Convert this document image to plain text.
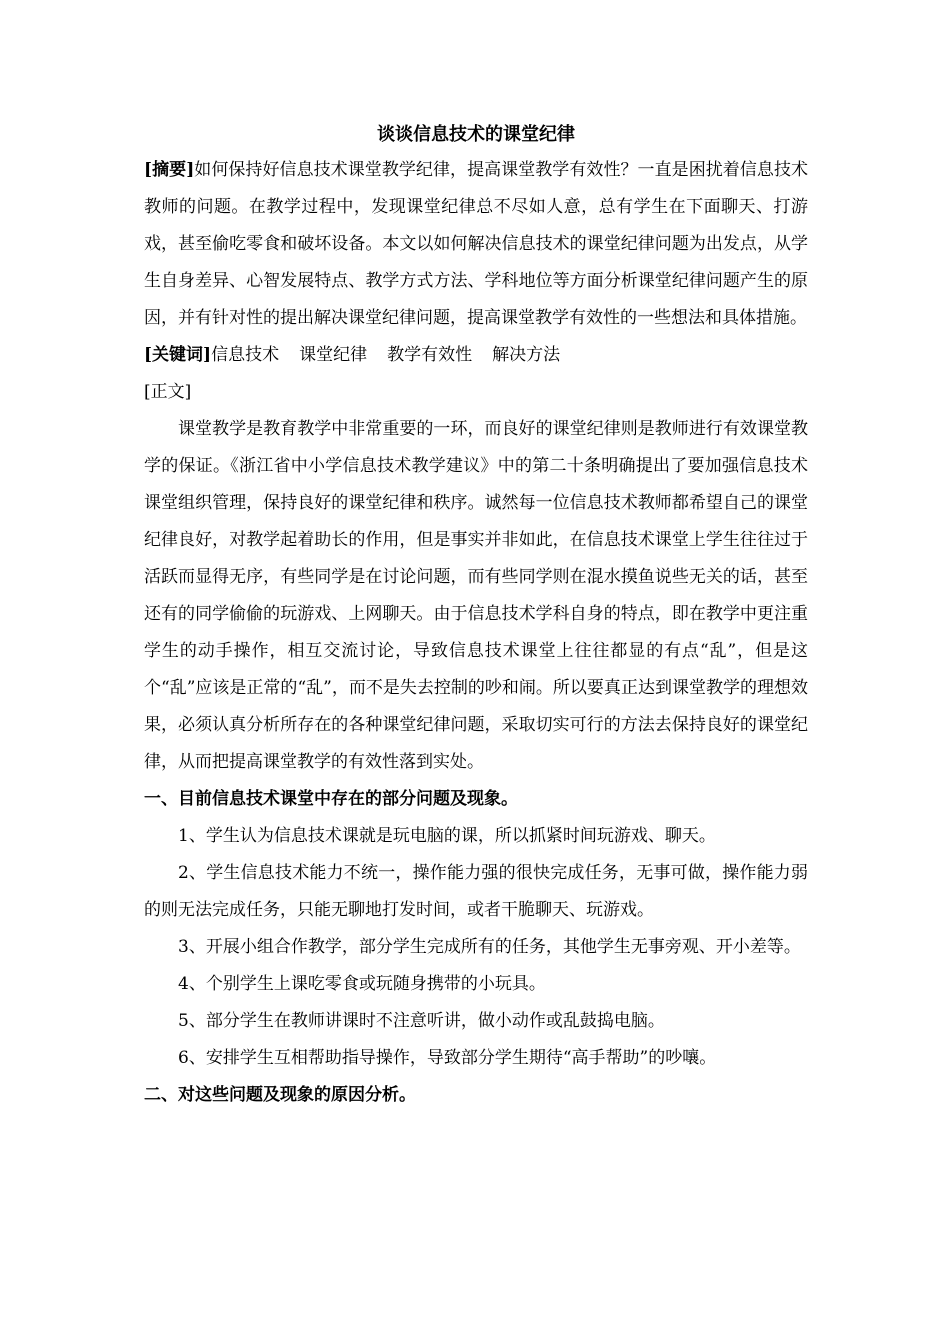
谈谈信息技术的课堂纪律

[摘要]如何保持好信息技术课堂教学纪律，提高课堂教学有效性？一直是困扰着信息技术教师的问题。在教学过程中，发现课堂纪律总不尽如人意，总有学生在下面聊天、打游戏，甚至偷吃零食和破坏设备。本文以如何解决信息技术的课堂纪律问题为出发点，从学生自身差异、心智发展特点、教学方式方法、学科地位等方面分析课堂纪律问题产生的原因，并有针对性的提出解决课堂纪律问题，提高课堂教学有效性的一些想法和具体措施。

[关键词]信息技术 课堂纪律 教学有效性 解决方法

[正文]

课堂教学是教育教学中非常重要的一环，而良好的课堂纪律则是教师进行有效课堂教学的保证。《浙江省中小学信息技术教学建议》中的第二十条明确提出了要加强信息技术课堂组织管理，保持良好的课堂纪律和秩序。诚然每一位信息技术教师都希望自己的课堂纪律良好，对教学起着助长的作用，但是事实并非如此，在信息技术课堂上学生往往过于活跃而显得无序，有些同学是在讨论问题，而有些同学则在混水摸鱼说些无关的话，甚至还有的同学偷偷的玩游戏、上网聊天。由于信息技术学科自身的特点，即在教学中更注重学生的动手操作，相互交流讨论，导致信息技术课堂上往往都显的有点“乱”，但是这个“乱”应该是正常的“乱”，而不是失去控制的吵和闹。所以要真正达到课堂教学的理想效果，必须认真分析所存在的各种课堂纪律问题，采取切实可行的方法去保持良好的课堂纪律，从而把提高课堂教学的有效性落到实处。

一、目前信息技术课堂中存在的部分问题及现象。

1、学生认为信息技术课就是玩电脑的课，所以抓紧时间玩游戏、聊天。

2、学生信息技术能力不统一，操作能力强的很快完成任务，无事可做，操作能力弱的则无法完成任务，只能无聊地打发时间，或者干脆聊天、玩游戏。

3、开展小组合作教学，部分学生完成所有的任务，其他学生无事旁观、开小差等。

4、个别学生上课吃零食或玩随身携带的小玩具。

5、部分学生在教师讲课时不注意听讲，做小动作或乱鼓捣电脑。

6、安排学生互相帮助指导操作，导致部分学生期待“高手帮助”的吵嚷。

二、对这些问题及现象的原因分析。
